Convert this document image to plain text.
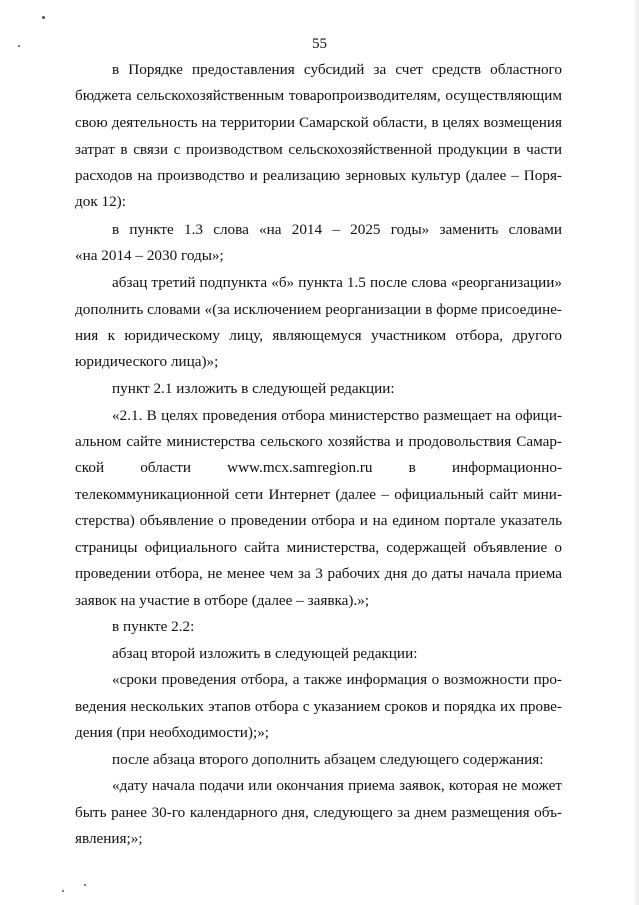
55
в Порядке предоставления субсидий за счет средств областного
бюджета сельскохозяйственным товаропроизводителям, осуществляющим
свою деятельность на территории Самарской области, в целях возмещения
затрат в связи с производством сельскохозяйственной продукции в части
расходов на производство и реализацию зерновых культур (далее – Поря-
док 12):
в пункте 1.3 слова «на 2014 – 2025 годы» заменить словами
«на 2014 – 2030 годы»;
абзац третий подпункта «б» пункта 1.5 после слова «реорганизации»
дополнить словами «(за исключением реорганизации в форме присоедине-
ния к юридическому лицу, являющемуся участником отбора, другого
юридического лица)»;
пункт 2.1 изложить в следующей редакции:
«2.1. В целях проведения отбора министерство размещает на офици-
альном сайте министерства сельского хозяйства и продовольствия Самар-
ской области www.mcx.samregion.ru в информационно-
телекоммуникационной сети Интернет (далее – официальный сайт мини-
стерства) объявление о проведении отбора и на едином портале указатель
страницы официального сайта министерства, содержащей объявление о
проведении отбора, не менее чем за 3 рабочих дня до даты начала приема
заявок на участие в отборе (далее – заявка).»;
в пункте 2.2:
абзац второй изложить в следующей редакции:
«сроки проведения отбора, а также информация о возможности про-
ведения нескольких этапов отбора с указанием сроков и порядка их прове-
дения (при необходимости);»;
после абзаца второго дополнить абзацем следующего содержания:
«дату начала подачи или окончания приема заявок, которая не может
быть ранее 30-го календарного дня, следующего за днем размещения объ-
явления;»;
